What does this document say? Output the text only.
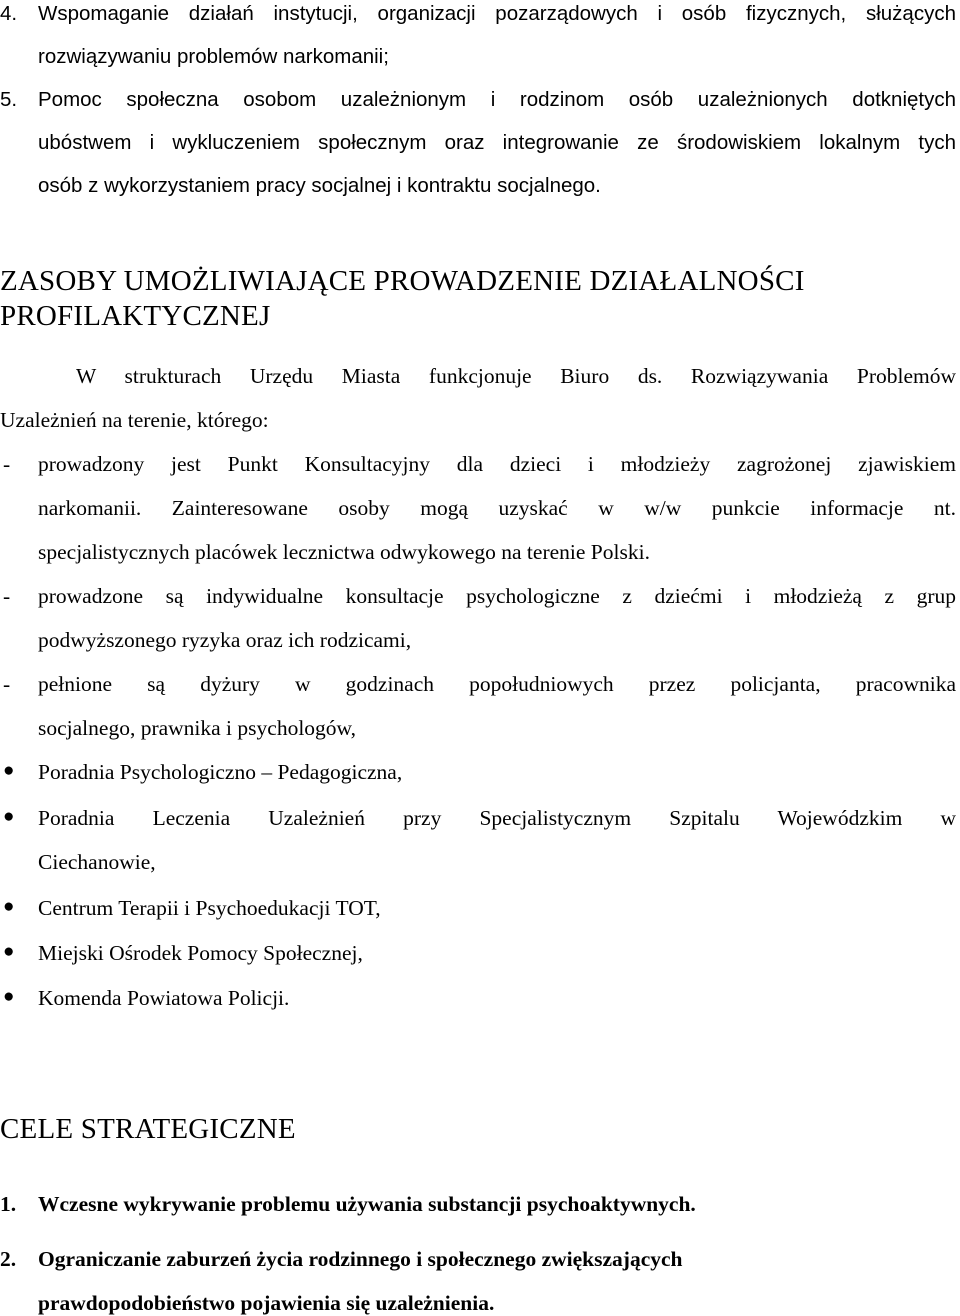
4. Wspomaganie działań instytucji, organizacji pozarządowych i osób fizycznych, służących
rozwiązywaniu problemów narkomanii;
5. Pomoc społeczna osobom uzależnionym i rodzinom osób uzależnionych dotkniętych
ubóstwem i wykluczeniem społecznym oraz integrowanie ze środowiskiem lokalnym tych
osób z wykorzystaniem pracy socjalnej i kontraktu socjalnego.
ZASOBY UMOŻLIWIAJĄCE PROWADZENIE DZIAŁALNOŚCI
PROFILAKTYCZNEJ
W strukturach Urzędu Miasta funkcjonuje Biuro ds. Rozwiązywania Problemów
Uzależnień na terenie, którego:
- prowadzony jest Punkt Konsultacyjny dla dzieci i młodzieży zagrożonej zjawiskiem
narkomanii. Zainteresowane osoby mogą uzyskać w w/w punkcie informacje nt.
specjalistycznych placówek lecznictwa odwykowego na terenie Polski.
- prowadzone są indywidualne konsultacje psychologiczne z dziećmi i młodzieżą z grup
podwyższonego ryzyka oraz ich rodzicami,
- pełnione są dyżury w godzinach popołudniowych przez policjanta, pracownika
socjalnego, prawnika i psychologów,
● Poradnia Psychologiczno – Pedagogiczna,
● Poradnia Leczenia Uzależnień przy Specjalistycznym Szpitalu Wojewódzkim w
Ciechanowie,
● Centrum Terapii i Psychoedukacji TOT,
● Miejski Ośrodek Pomocy Społecznej,
● Komenda Powiatowa Policji.
CELE STRATEGICZNE
1. Wczesne wykrywanie problemu używania substancji psychoaktywnych.
2. Ograniczanie zaburzeń życia rodzinnego i społecznego zwiększających
prawdopodobieństwo pojawienia się uzależnienia.
